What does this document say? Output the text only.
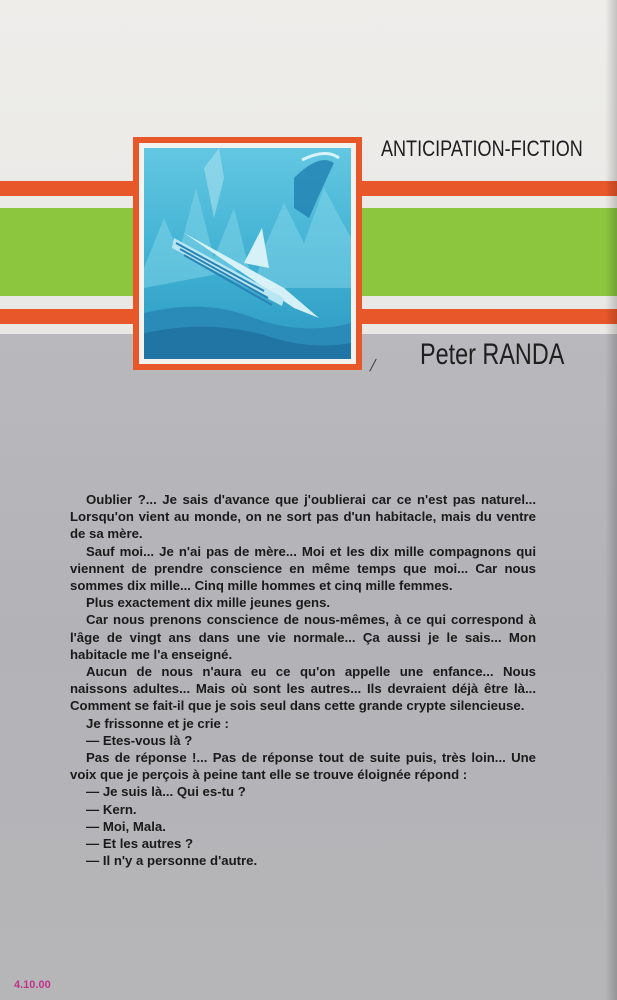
ANTICIPATION-FICTION
Peter RANDA

Oublier ?... Je sais d'avance que j'oublierai car ce n'est pas naturel... Lorsqu'on vient au monde, on ne sort pas d'un habitacle, mais du ventre de sa mère.

Sauf moi... Je n'ai pas de mère... Moi et les dix mille compagnons qui viennent de prendre conscience en même temps que moi... Car nous sommes dix mille... Cinq mille hommes et cinq mille femmes.

Plus exactement dix mille jeunes gens.

Car nous prenons conscience de nous-mêmes, à ce qui correspond à l'âge de vingt ans dans une vie normale... Ça aussi je le sais... Mon habitacle me l'a enseigné.

Aucun de nous n'aura eu ce qu'on appelle une enfance... Nous naissons adultes... Mais où sont les autres... Ils devraient déjà être là... Comment se fait-il que je sois seul dans cette grande crypte silencieuse.

Je frissonne et je crie :

— Etes-vous là ?

Pas de réponse !... Pas de réponse tout de suite puis, très loin... Une voix que je perçois à peine tant elle se trouve éloignée répond :

— Je suis là... Qui es-tu ?

— Kern.

— Moi, Mala.

— Et les autres ?

— Il n'y a personne d'autre.

4.10.00
